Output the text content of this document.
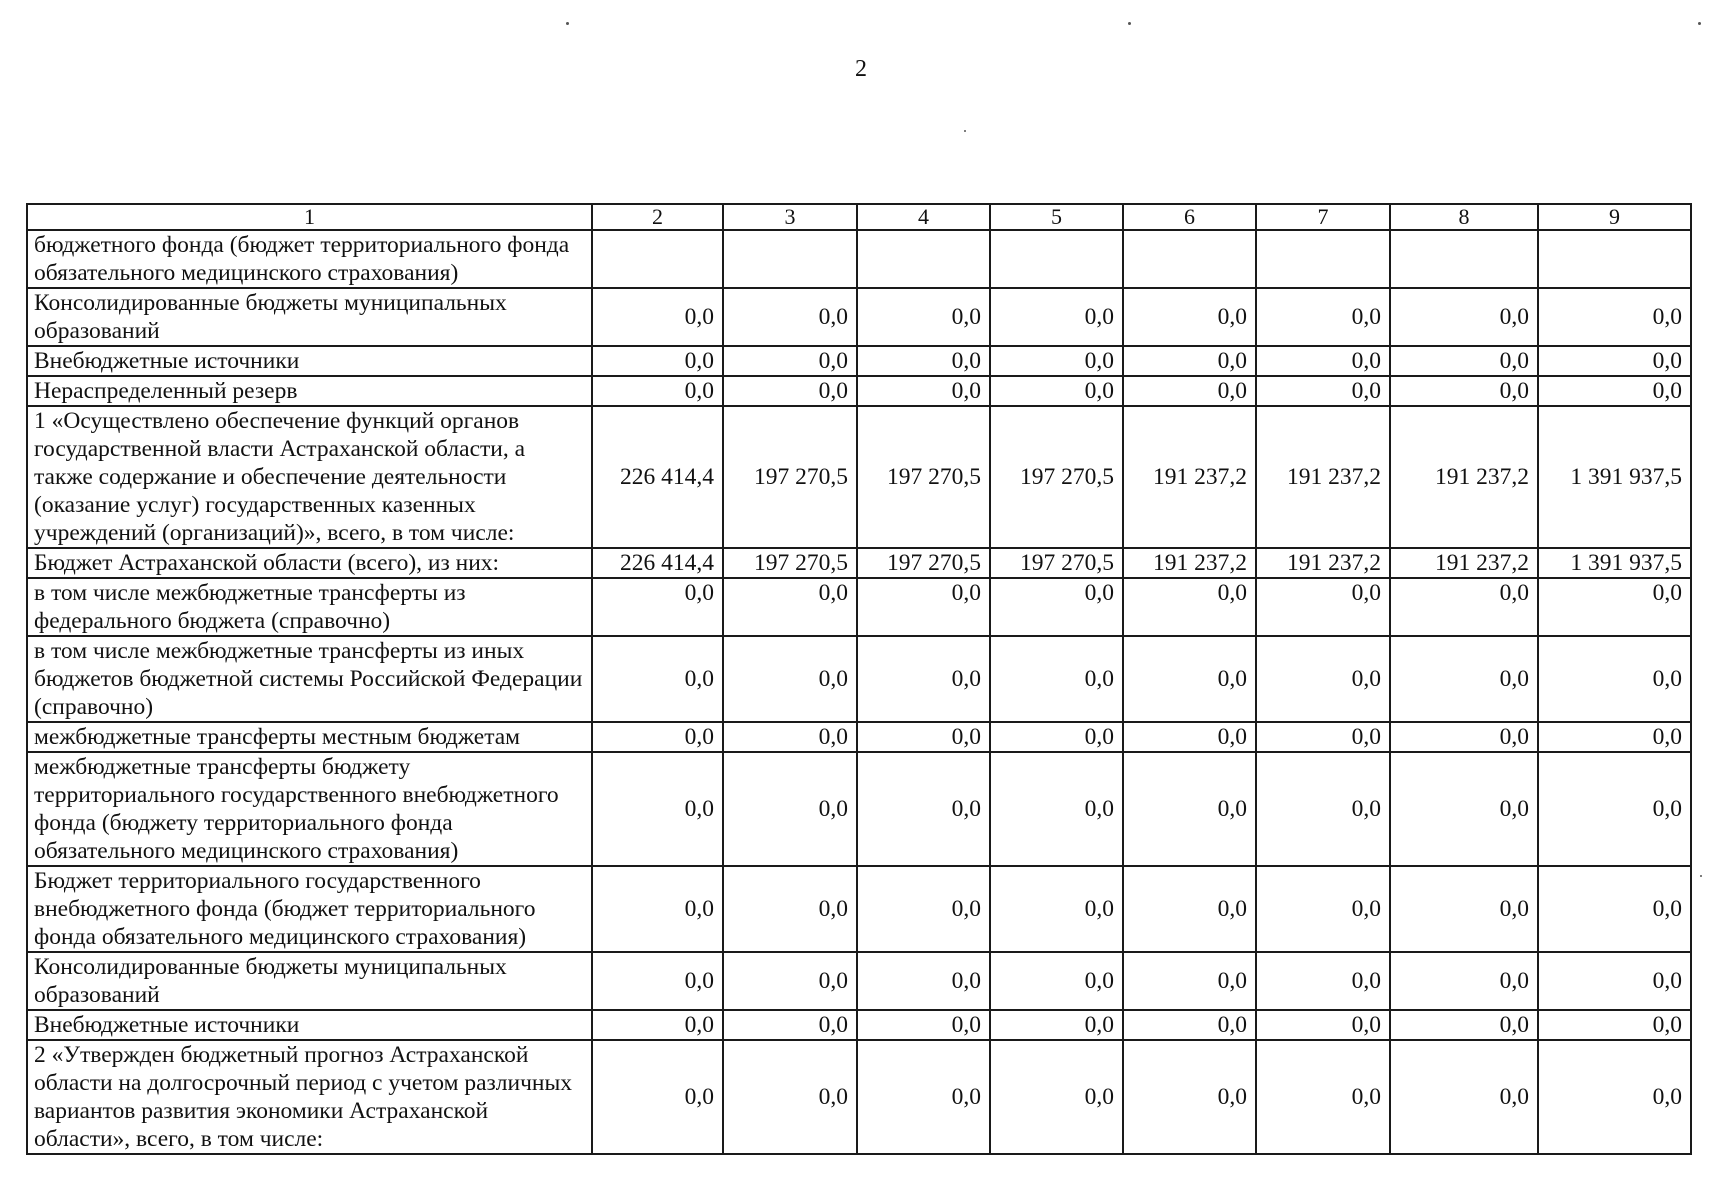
2
1	2	3	4	5	6	7	8	9
бюджетного фонда (бюджет территориального фонда обязательного медицинского страхования)								
Консолидированные бюджеты муниципальных образований	0,0	0,0	0,0	0,0	0,0	0,0	0,0	0,0
Внебюджетные источники	0,0	0,0	0,0	0,0	0,0	0,0	0,0	0,0
Нераспределенный резерв	0,0	0,0	0,0	0,0	0,0	0,0	0,0	0,0
1 «Осуществлено обеспечение функций органов государственной власти Астраханской области, а также содержание и обеспечение деятельности (оказание услуг) государственных казенных учреждений (организаций)», всего, в том числе:	226 414,4	197 270,5	197 270,5	197 270,5	191 237,2	191 237,2	191 237,2	1 391 937,5
Бюджет Астраханской области (всего), из них:	226 414,4	197 270,5	197 270,5	197 270,5	191 237,2	191 237,2	191 237,2	1 391 937,5
в том числе межбюджетные трансферты из федерального бюджета (справочно)	0,0	0,0	0,0	0,0	0,0	0,0	0,0	0,0
в том числе межбюджетные трансферты из иных бюджетов бюджетной системы Российской Федерации (справочно)	0,0	0,0	0,0	0,0	0,0	0,0	0,0	0,0
межбюджетные трансферты местным бюджетам	0,0	0,0	0,0	0,0	0,0	0,0	0,0	0,0
межбюджетные трансферты бюджету территориального государственного внебюджетного фонда (бюджету территориального фонда обязательного медицинского страхования)	0,0	0,0	0,0	0,0	0,0	0,0	0,0	0,0
Бюджет территориального государственного внебюджетного фонда (бюджет территориального фонда обязательного медицинского страхования)	0,0	0,0	0,0	0,0	0,0	0,0	0,0	0,0
Консолидированные бюджеты муниципальных образований	0,0	0,0	0,0	0,0	0,0	0,0	0,0	0,0
Внебюджетные источники	0,0	0,0	0,0	0,0	0,0	0,0	0,0	0,0
2 «Утвержден бюджетный прогноз Астраханской области на долгосрочный период с учетом различных вариантов развития экономики Астраханской области», всего, в том числе:	0,0	0,0	0,0	0,0	0,0	0,0	0,0	0,0
